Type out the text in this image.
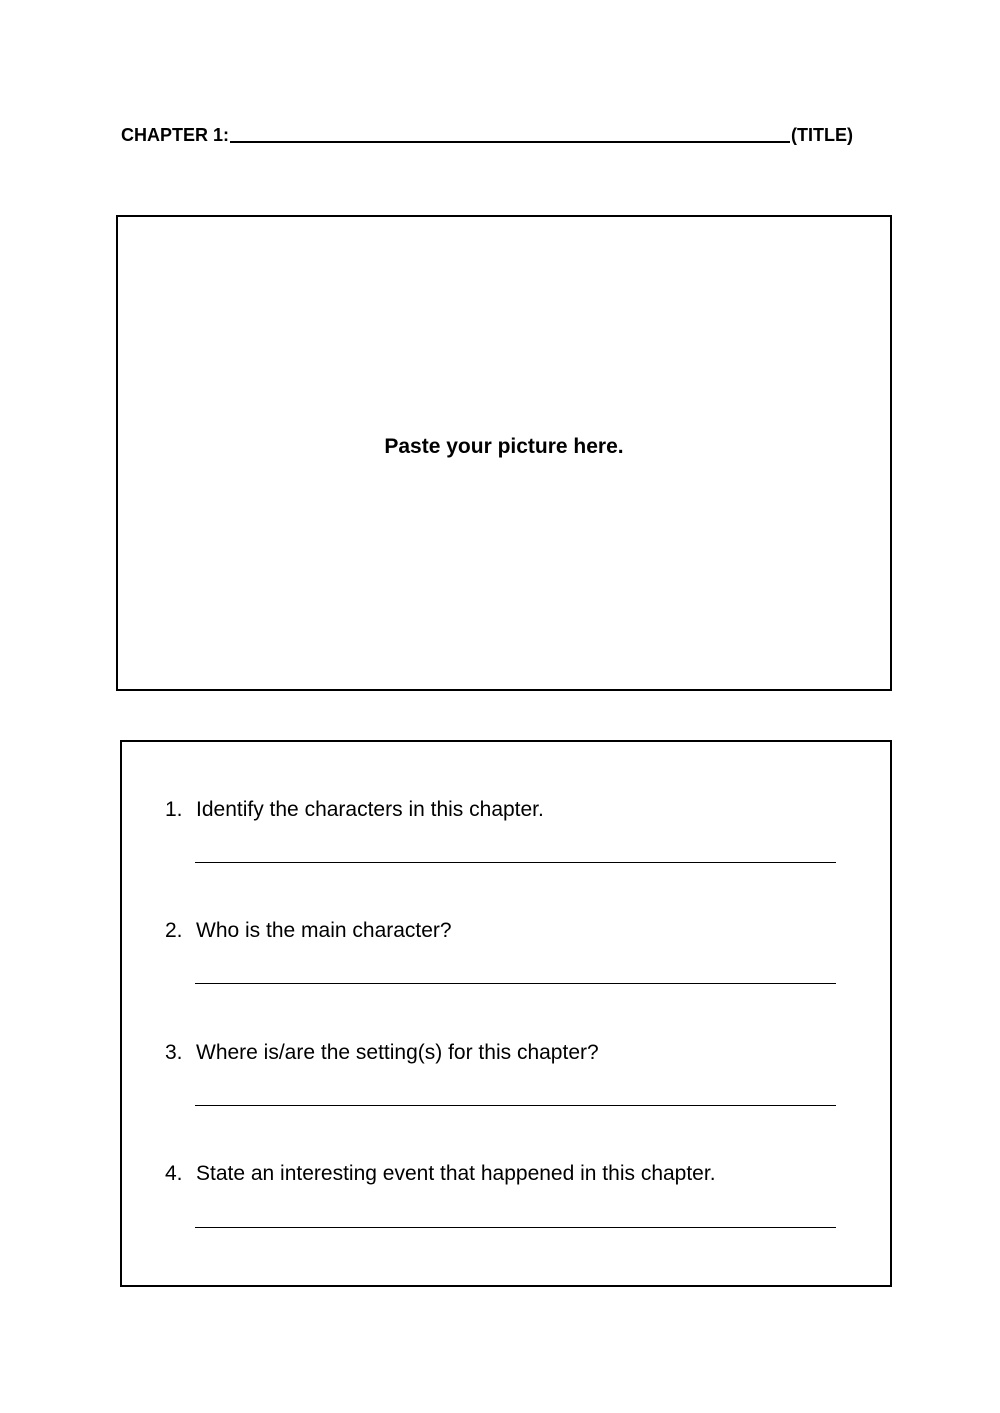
CHAPTER 1:	(TITLE)
Paste your picture here.
1. Identify the characters in this chapter.
2. Who is the main character?
3. Where is/are the setting(s) for this chapter?
4. State an interesting event that happened in this chapter.
